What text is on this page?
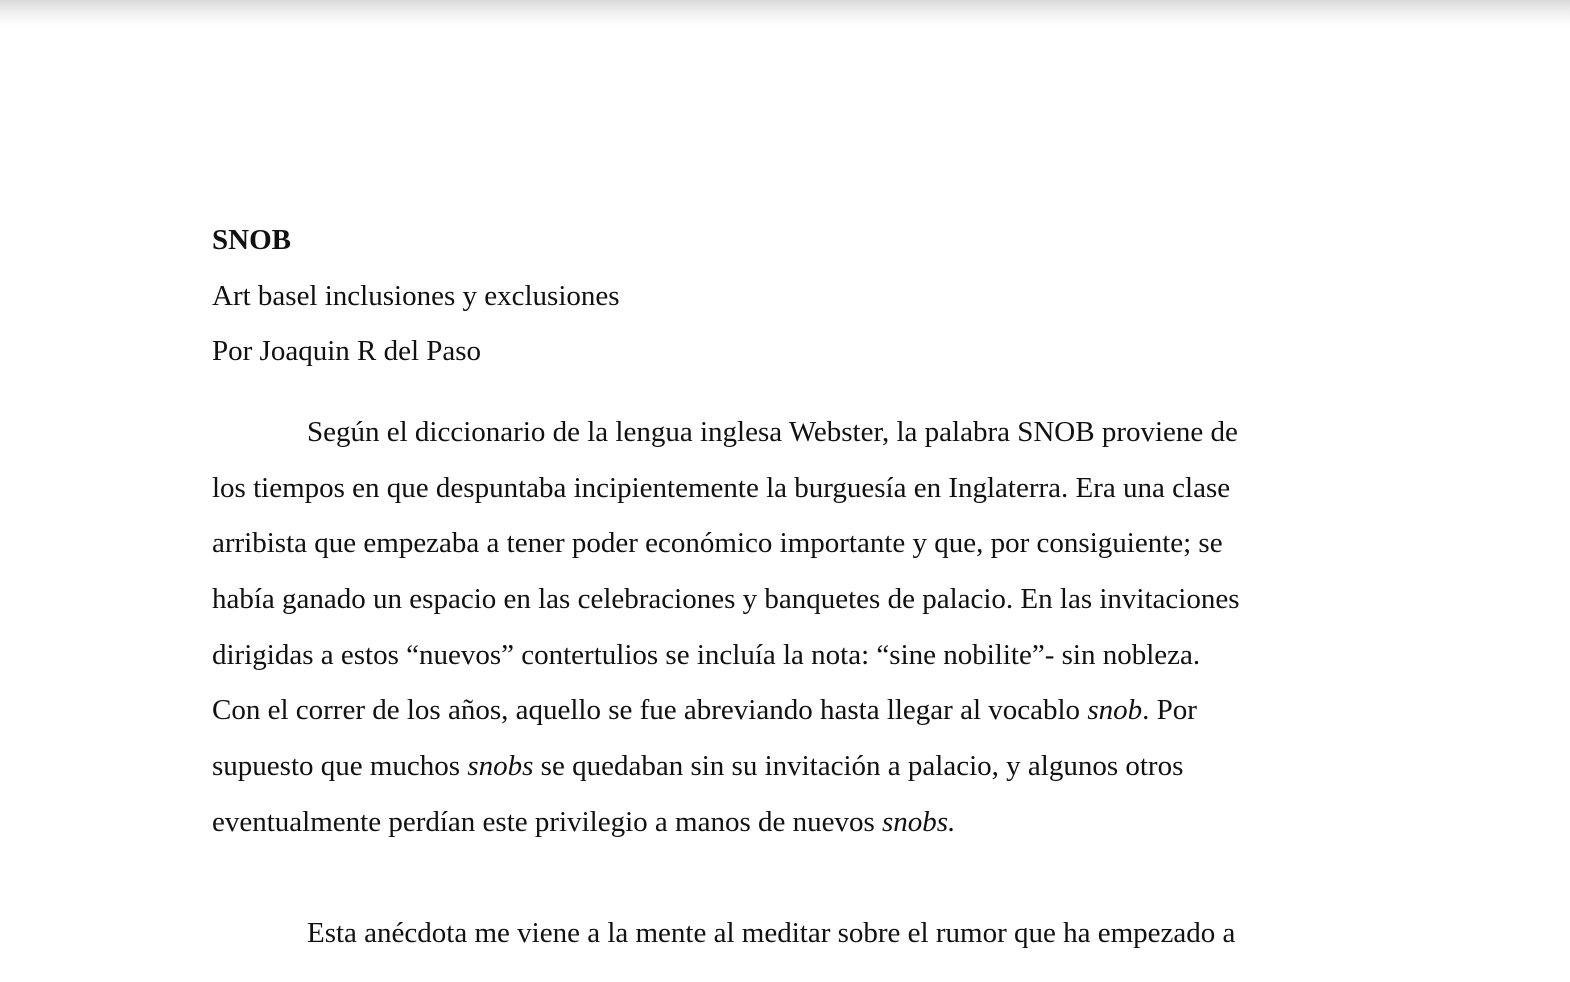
SNOB
Art basel inclusiones y exclusiones
Por Joaquin R del Paso
Según el diccionario de la lengua inglesa Webster, la palabra SNOB proviene de
los tiempos en que despuntaba incipientemente la burguesía en Inglaterra. Era una clase
arribista que empezaba a tener poder económico importante y que, por consiguiente; se
había ganado un espacio en las celebraciones y banquetes de palacio. En las invitaciones
dirigidas a estos “nuevos” contertulios se incluía la nota: “sine nobilite”- sin nobleza.
Con el correr de los años, aquello se fue abreviando hasta llegar al vocablo snob. Por
supuesto que muchos snobs se quedaban sin su invitación a palacio, y algunos otros
eventualmente perdían este privilegio a manos de nuevos snobs.
Esta anécdota me viene a la mente al meditar sobre el rumor que ha empezado a
